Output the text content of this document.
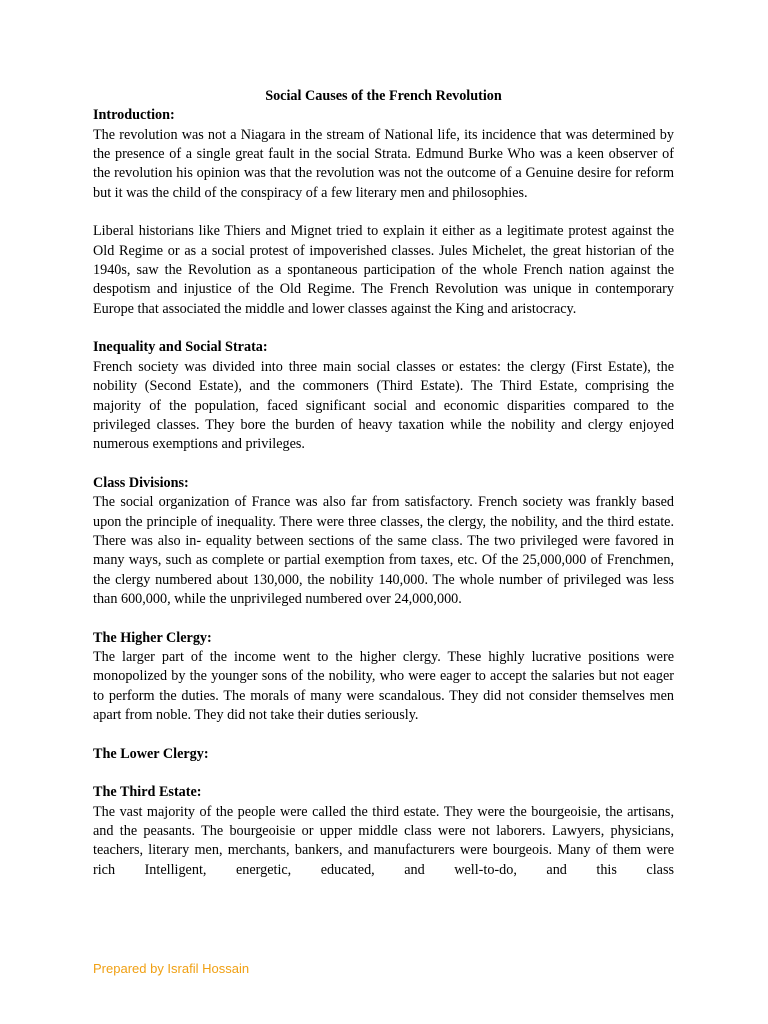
Social Causes of the French Revolution

Introduction:

The revolution was not a Niagara in the stream of National life, its incidence that was determined by the presence of a single great fault in the social Strata. Edmund Burke Who was a keen observer of the revolution his opinion was that the revolution was not the outcome of a Genuine desire for reform but it was the child of the conspiracy of a few literary men and philosophies.

Liberal historians like Thiers and Mignet tried to explain it either as a legitimate protest against the Old Regime or as a social protest of impoverished classes. Jules Michelet, the great historian of the 1940s, saw the Revolution as a spontaneous participation of the whole French nation against the despotism and injustice of the Old Regime. The French Revolution was unique in contemporary Europe that associated the middle and lower classes against the King and aristocracy.

Inequality and Social Strata:

French society was divided into three main social classes or estates: the clergy (First Estate), the nobility (Second Estate), and the commoners (Third Estate). The Third Estate, comprising the majority of the population, faced significant social and economic disparities compared to the privileged classes. They bore the burden of heavy taxation while the nobility and clergy enjoyed numerous exemptions and privileges.

Class Divisions:

The social organization of France was also far from satisfactory. French society was frankly based upon the principle of inequality. There were three classes, the clergy, the nobility, and the third estate. There was also in- equality between sections of the same class. The two privileged were favored in many ways, such as complete or partial exemption from taxes, etc. Of the 25,000,000 of Frenchmen, the clergy numbered about 130,000, the nobility 140,000. The whole number of privileged was less than 600,000, while the unprivileged numbered over 24,000,000.

The Higher Clergy:

The larger part of the income went to the higher clergy. These highly lucrative positions were monopolized by the younger sons of the nobility, who were eager to accept the salaries but not eager to perform the duties. The morals of many were scandalous. They did not consider themselves men apart from noble. They did not take their duties seriously.

The Lower Clergy:

The Third Estate:

The vast majority of the people were called the third estate. They were the bourgeoisie, the artisans, and the peasants. The bourgeoisie or upper middle class were not laborers. Lawyers, physicians, teachers, literary men, merchants, bankers, and manufacturers were bourgeois. Many of them were rich Intelligent, energetic, educated, and well-to-do, and this class

Prepared by Israfil Hossain
